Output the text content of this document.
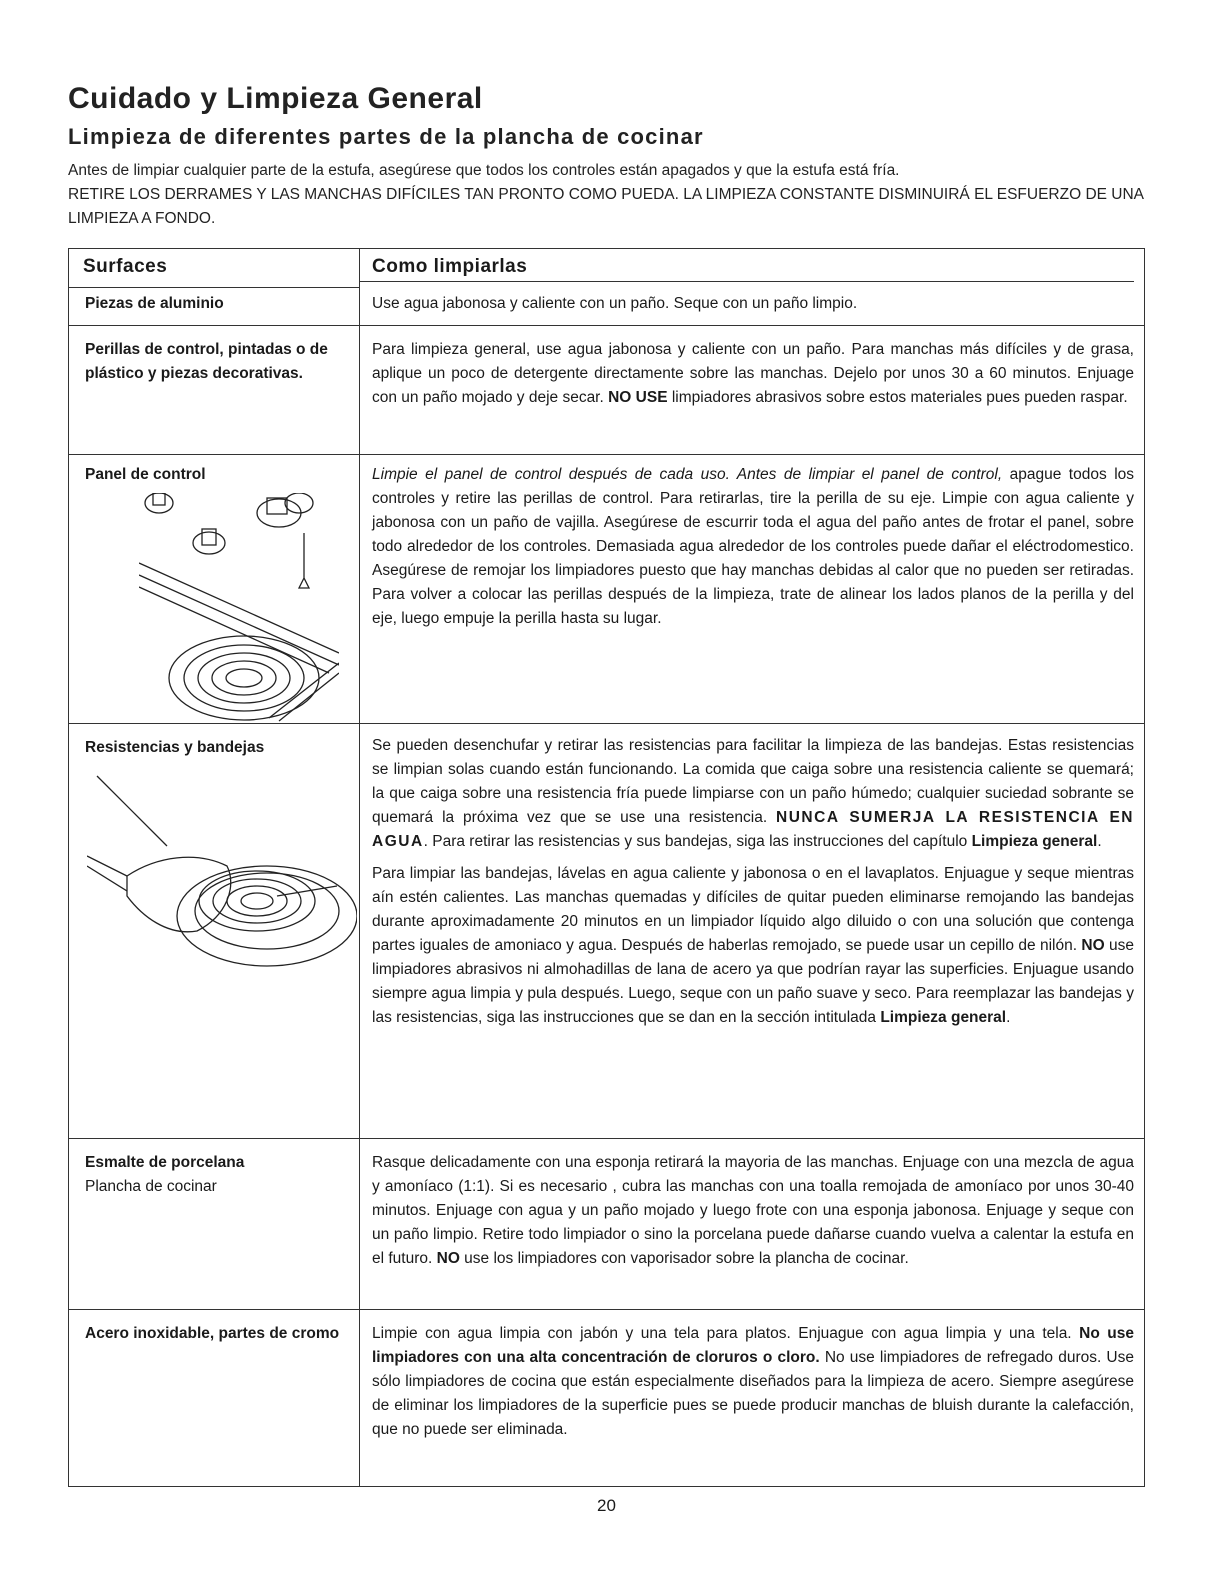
Cuidado y Limpieza General
Limpieza de diferentes partes de la plancha de cocinar

Antes de limpiar cualquier parte de la estufa, asegúrese que todos los controles están apagados y que la estufa está fría.

RETIRE LOS DERRAMES Y LAS MANCHAS DIFÍCILES TAN PRONTO COMO PUEDA. LA LIMPIEZA CONSTANTE DISMINUIRÁ EL ESFUERZO DE UNA LIMPIEZA A FONDO.

Surfaces	Como limpiarlas

Piezas de aluminio	Use agua jabonosa y caliente con un paño. Seque con un paño limpio.

Perillas de control, pintadas o de plástico y piezas decorativas.	Para limpieza general, use agua jabonosa y caliente con un paño. Para manchas más difíciles y de grasa, aplique un poco de detergente directamente sobre las manchas. Dejelo por unos 30 a 60 minutos. Enjuage con un paño mojado y deje secar. NO USE limpiadores abrasivos sobre estos materiales pues pueden raspar.

Panel de control	Limpie el panel de control después de cada uso. Antes de limpiar el panel de control, apague todos los controles y retire las perillas de control. Para retirarlas, tire la perilla de su eje. Limpie con agua caliente y jabonosa con un paño de vajilla. Asegúrese de escurrir toda el agua del paño antes de frotar el panel, sobre todo alrededor de los controles. Demasiada agua alrededor de los controles puede dañar el eléctrodomestico. Asegúrese de remojar los limpiadores puesto que hay manchas debidas al calor que no pueden ser retiradas. Para volver a colocar las perillas después de la limpieza, trate de alinear los lados planos de la perilla y del eje, luego empuje la perilla hasta su lugar.

Resistencias y bandejas	Se pueden desenchufar y retirar las resistencias para facilitar la limpieza de las bandejas. Estas resistencias se limpian solas cuando están funcionando. La comida que caiga sobre una resistencia caliente se quemará; la que caiga sobre una resistencia fría puede limpiarse con un paño húmedo; cualquier suciedad sobrante se quemará la próxima vez que se use una resistencia. NUNCA SUMERJA LA RESISTENCIA EN AGUA. Para retirar las resistencias y sus bandejas, siga las instrucciones del capítulo Limpieza general.

Para limpiar las bandejas, lávelas en agua caliente y jabonosa o en el lavaplatos. Enjuague y seque mientras aín estén calientes. Las manchas quemadas y difíciles de quitar pueden eliminarse remojando las bandejas durante aproximadamente 20 minutos en un limpiador líquido algo diluido o con una solución que contenga partes iguales de amoniaco y agua. Después de haberlas remojado, se puede usar un cepillo de nilón. NO use limpiadores abrasivos ni almohadillas de lana de acero ya que podrían rayar las superficies. Enjuague usando siempre agua limpia y pula después. Luego, seque con un paño suave y seco. Para reemplazar las bandejas y las resistencias, siga las instrucciones que se dan en la sección intitulada Limpieza general.

Esmalte de porcelana
Plancha de cocinar	Rasque delicadamente con una esponja retirará la mayoria de las manchas. Enjuage con una mezcla de agua y amoníaco (1:1). Si es necesario , cubra las manchas con una toalla remojada de amoníaco por unos 30-40 minutos. Enjuage con agua y un paño mojado y luego frote con una esponja jabonosa. Enjuage y seque con un paño limpio. Retire todo limpiador o sino la porcelana puede dañarse cuando vuelva a calentar la estufa en el futuro. NO use los limpiadores con vaporisador sobre la plancha de cocinar.

Acero inoxidable, partes de cromo	Limpie con agua limpia con jabón y una tela para platos. Enjuague con agua limpia y una tela. No use limpiadores con una alta concentración de cloruros o cloro. No use limpiadores de refregado duros. Use sólo limpiadores de cocina que están especialmente diseñados para la limpieza de acero. Siempre asegúrese de eliminar los limpiadores de la superficie pues se puede producir manchas de bluish durante la calefacción, que no puede ser eliminada.
20
